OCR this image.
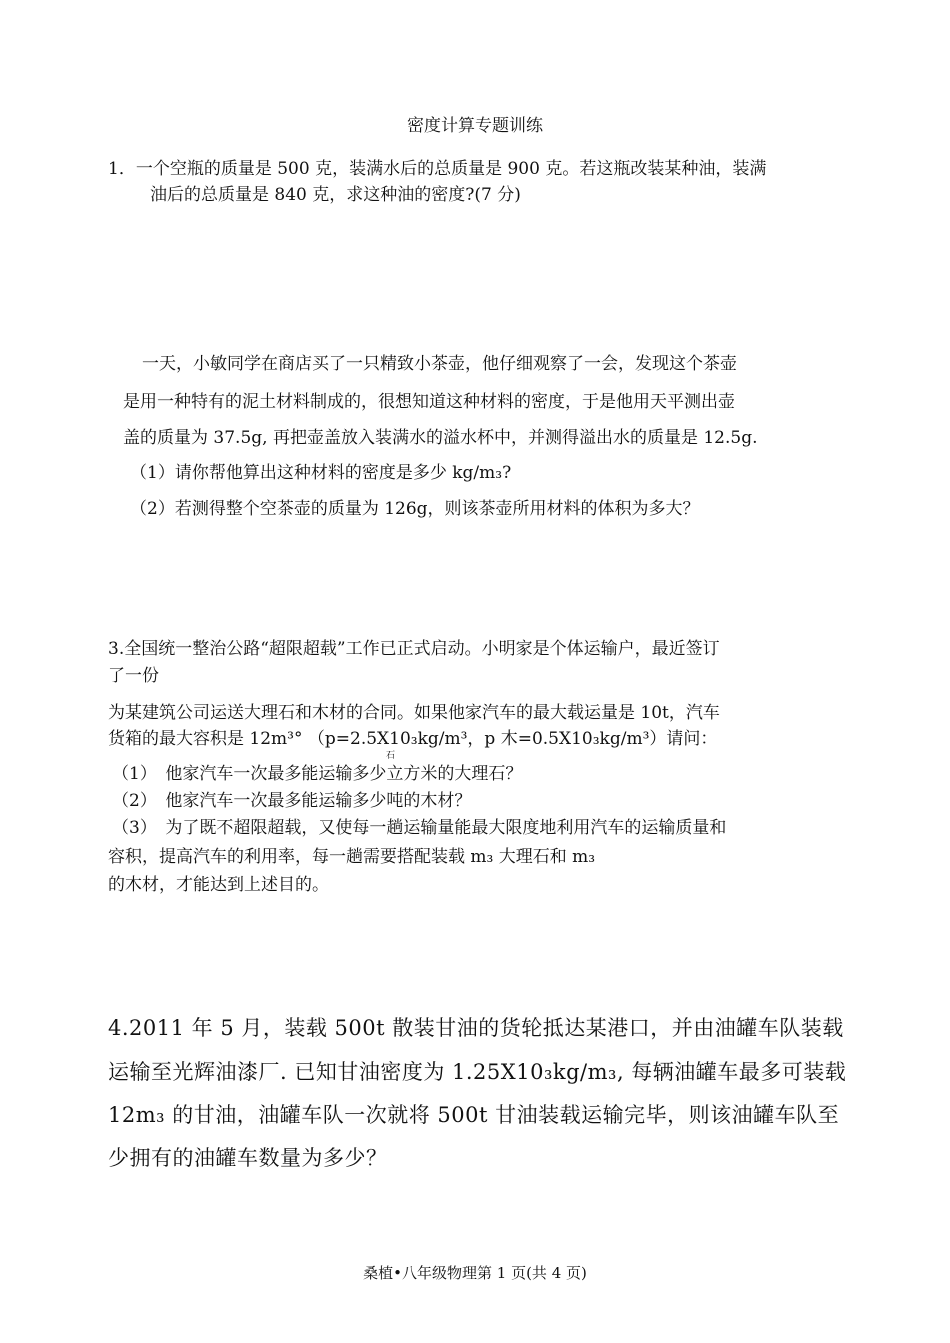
密度计算专题训练
1．一个空瓶的质量是 500 克，装满水后的总质量是 900 克。若这瓶改装某种油，装满
油后的总质量是 840 克，求这种油的密度?(7 分)
一天，小敏同学在商店买了一只精致小茶壶，他仔细观察了一会，发现这个茶壶
是用一种特有的泥土材料制成的，很想知道这种材料的密度，于是他用天平测出壶
盖的质量为 37.5g, 再把壶盖放入装满水的溢水杯中，并测得溢出水的质量是 12.5g.
（1）请你帮他算出这种材料的密度是多少 kg/m₃?
（2）若测得整个空茶壶的质量为 126g，则该茶壶所用材料的体积为多大？
3.全国统一整治公路“超限超载”工作已正式启动。小明家是个体运输户，最近签订
了一份
为某建筑公司运送大理石和木材的合同。如果他家汽车的最大载运量是 10t，汽车
货箱的最大容积是 12m³° （p=2.5X10₃kg/m³，p 木=0.5X10₃kg/m³）请问：
石
（1）　他家汽车一次最多能运输多少立方米的大理石？
（2）　他家汽车一次最多能运输多少吨的木材？
（3）　为了既不超限超载，又使每一趟运输量能最大限度地利用汽车的运输质量和
容积，提高汽车的利用率，每一趟需要搭配装载 m₃ 大理石和 m₃
的木材，才能达到上述目的。
4.2011 年 5 月，装载 500t 散装甘油的货轮抵达某港口，并由油罐车队装载
运输至光辉油漆厂. 已知甘油密度为 1.25X10₃kg/m₃, 每辆油罐车最多可装载
12m₃ 的甘油，油罐车队一次就将 500t 甘油装载运输完毕，则该油罐车队至
少拥有的油罐车数量为多少？
桑植•八年级物理第 1 页(共 4 页)
